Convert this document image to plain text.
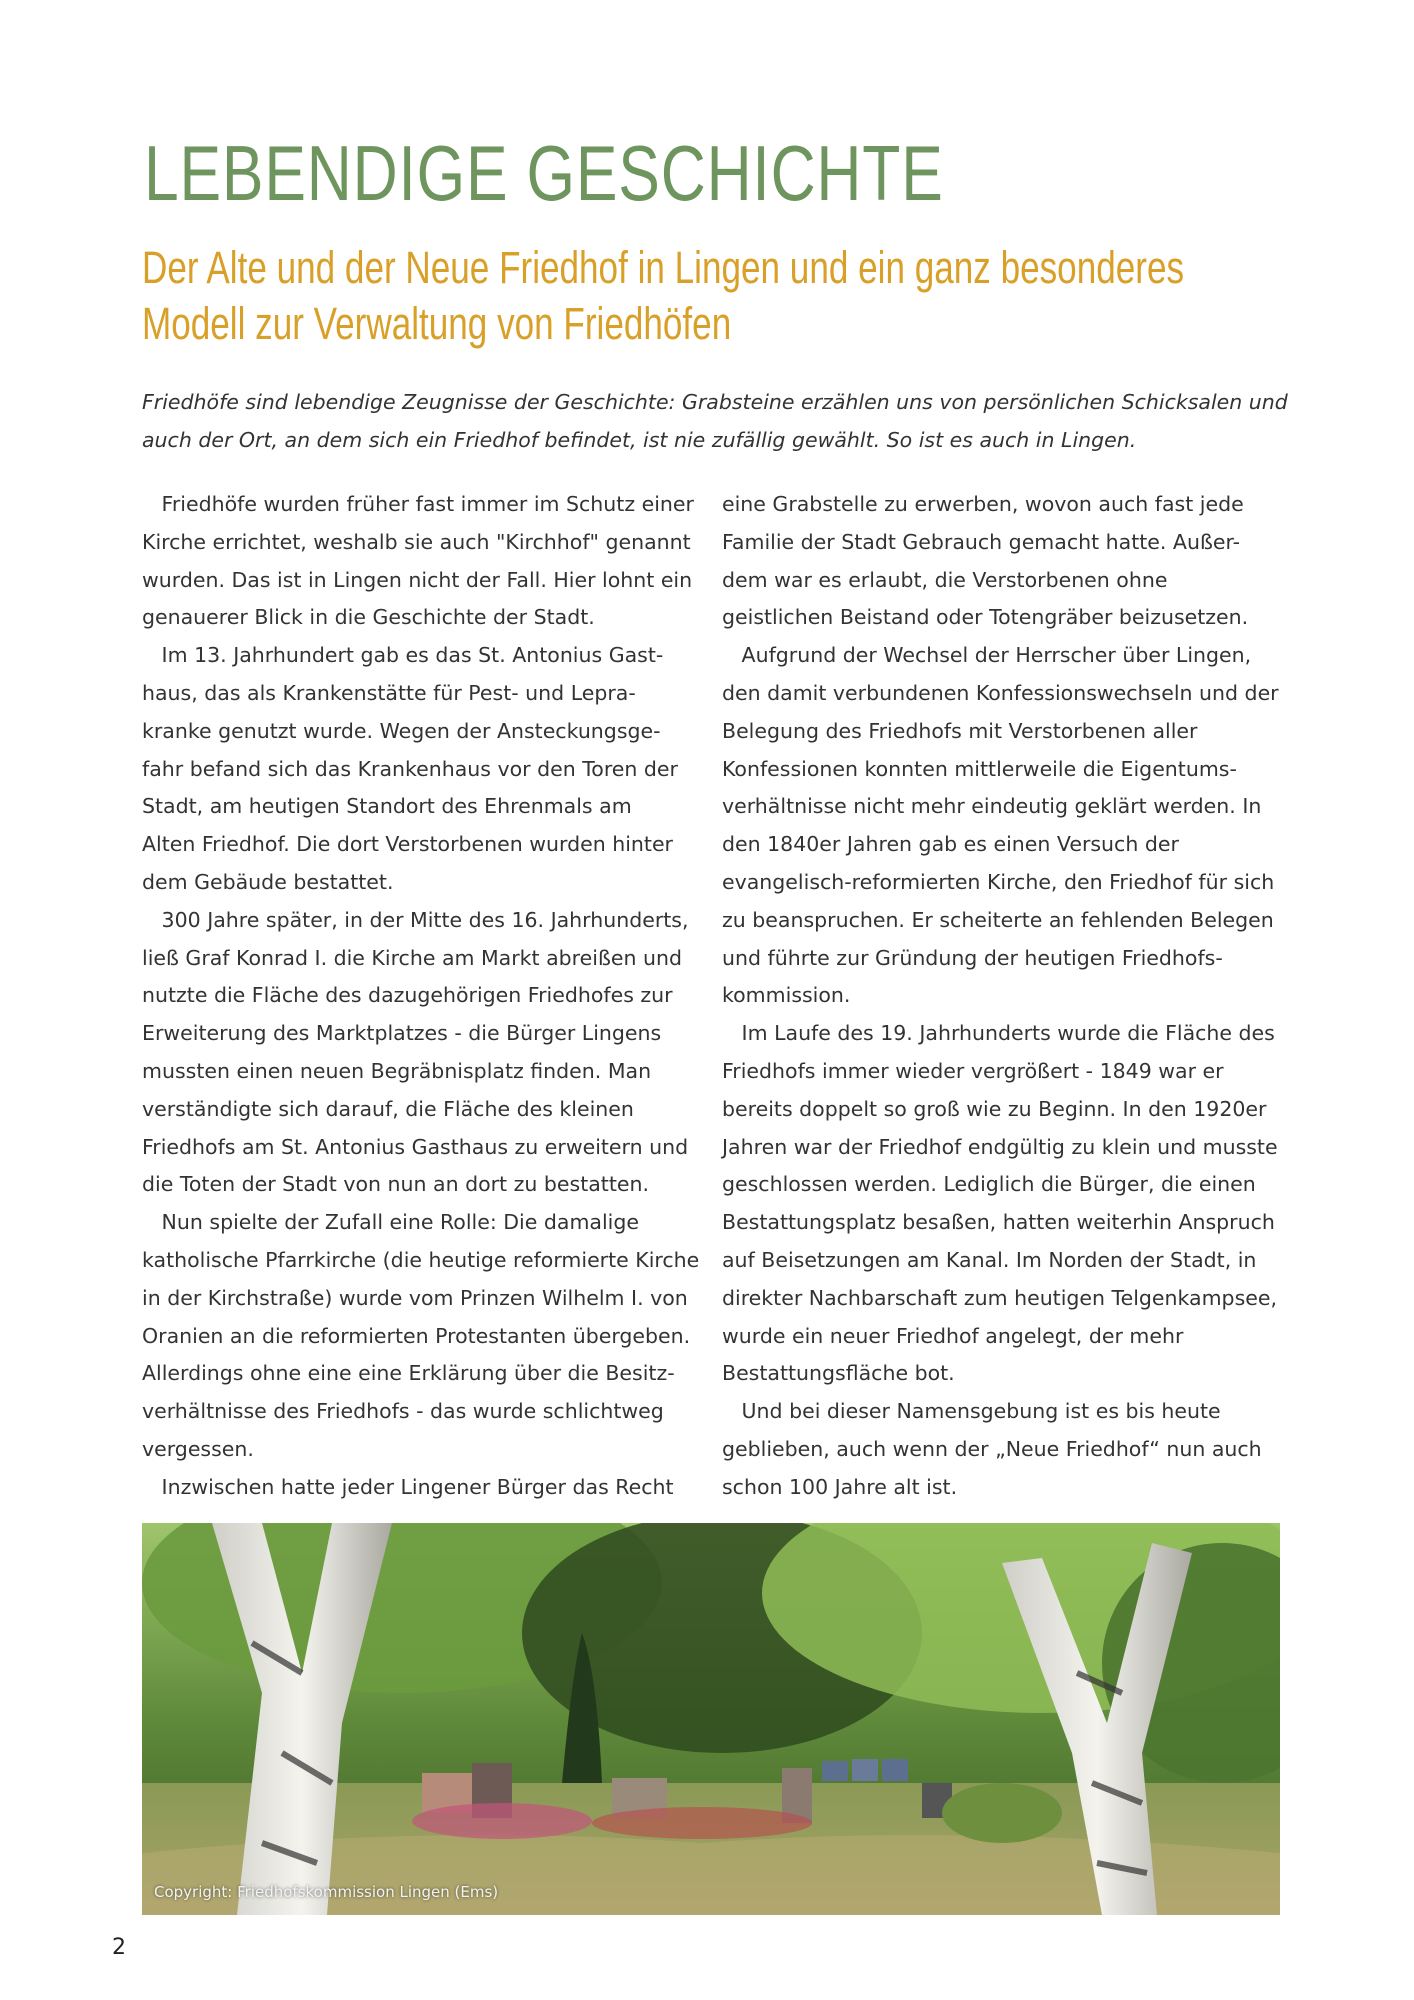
LEBENDIGE GESCHICHTE
Der Alte und der Neue Friedhof in Lingen und ein ganz besonderes Modell zur Verwaltung von Friedhöfen

Friedhöfe sind lebendige Zeugnisse der Geschichte: Grabsteine erzählen uns von persönlichen Schicksalen und auch der Ort, an dem sich ein Friedhof befindet, ist nie zufällig gewählt. So ist es auch in Lingen.

Friedhöfe wurden früher fast immer im Schutz einer
Kirche errichtet, weshalb sie auch "Kirchhof" genannt
wurden. Das ist in Lingen nicht der Fall. Hier lohnt ein
genauerer Blick in die Geschichte der Stadt.
Im 13. Jahrhundert gab es das St. Antonius Gast-
haus, das als Krankenstätte für Pest- und Lepra-
kranke genutzt wurde. Wegen der Ansteckungsge-
fahr befand sich das Krankenhaus vor den Toren der
Stadt, am heutigen Standort des Ehrenmals am
Alten Friedhof. Die dort Verstorbenen wurden hinter
dem Gebäude bestattet.
300 Jahre später, in der Mitte des 16. Jahrhunderts,
ließ Graf Konrad I. die Kirche am Markt abreißen und
nutzte die Fläche des dazugehörigen Friedhofes zur
Erweiterung des Marktplatzes - die Bürger Lingens
mussten einen neuen Begräbnisplatz finden. Man
verständigte sich darauf, die Fläche des kleinen
Friedhofs am St. Antonius Gasthaus zu erweitern und
die Toten der Stadt von nun an dort zu bestatten.
Nun spielte der Zufall eine Rolle: Die damalige
katholische Pfarrkirche (die heutige reformierte Kirche
in der Kirchstraße) wurde vom Prinzen Wilhelm I. von
Oranien an die reformierten Protestanten übergeben.
Allerdings ohne eine eine Erklärung über die Besitz-
verhältnisse des Friedhofs - das wurde schlichtweg
vergessen.
Inzwischen hatte jeder Lingener Bürger das Recht
eine Grabstelle zu erwerben, wovon auch fast jede
Familie der Stadt Gebrauch gemacht hatte. Außer-
dem war es erlaubt, die Verstorbenen ohne
geistlichen Beistand oder Totengräber beizusetzen.
Aufgrund der Wechsel der Herrscher über Lingen,
den damit verbundenen Konfessionswechseln und der
Belegung des Friedhofs mit Verstorbenen aller
Konfessionen konnten mittlerweile die Eigentums-
verhältnisse nicht mehr eindeutig geklärt werden. In
den 1840er Jahren gab es einen Versuch der
evangelisch-reformierten Kirche, den Friedhof für sich
zu beanspruchen. Er scheiterte an fehlenden Belegen
und führte zur Gründung der heutigen Friedhofs-
kommission.
Im Laufe des 19. Jahrhunderts wurde die Fläche des
Friedhofs immer wieder vergrößert - 1849 war er
bereits doppelt so groß wie zu Beginn. In den 1920er
Jahren war der Friedhof endgültig zu klein und musste
geschlossen werden. Lediglich die Bürger, die einen
Bestattungsplatz besaßen, hatten weiterhin Anspruch
auf Beisetzungen am Kanal. Im Norden der Stadt, in
direkter Nachbarschaft zum heutigen Telgenkampsee,
wurde ein neuer Friedhof angelegt, der mehr
Bestattungsfläche bot.
Und bei dieser Namensgebung ist es bis heute
geblieben, auch wenn der „Neue Friedhof“ nun auch
schon 100 Jahre alt ist.
Copyright: Friedhofskommission Lingen (Ems)
2
